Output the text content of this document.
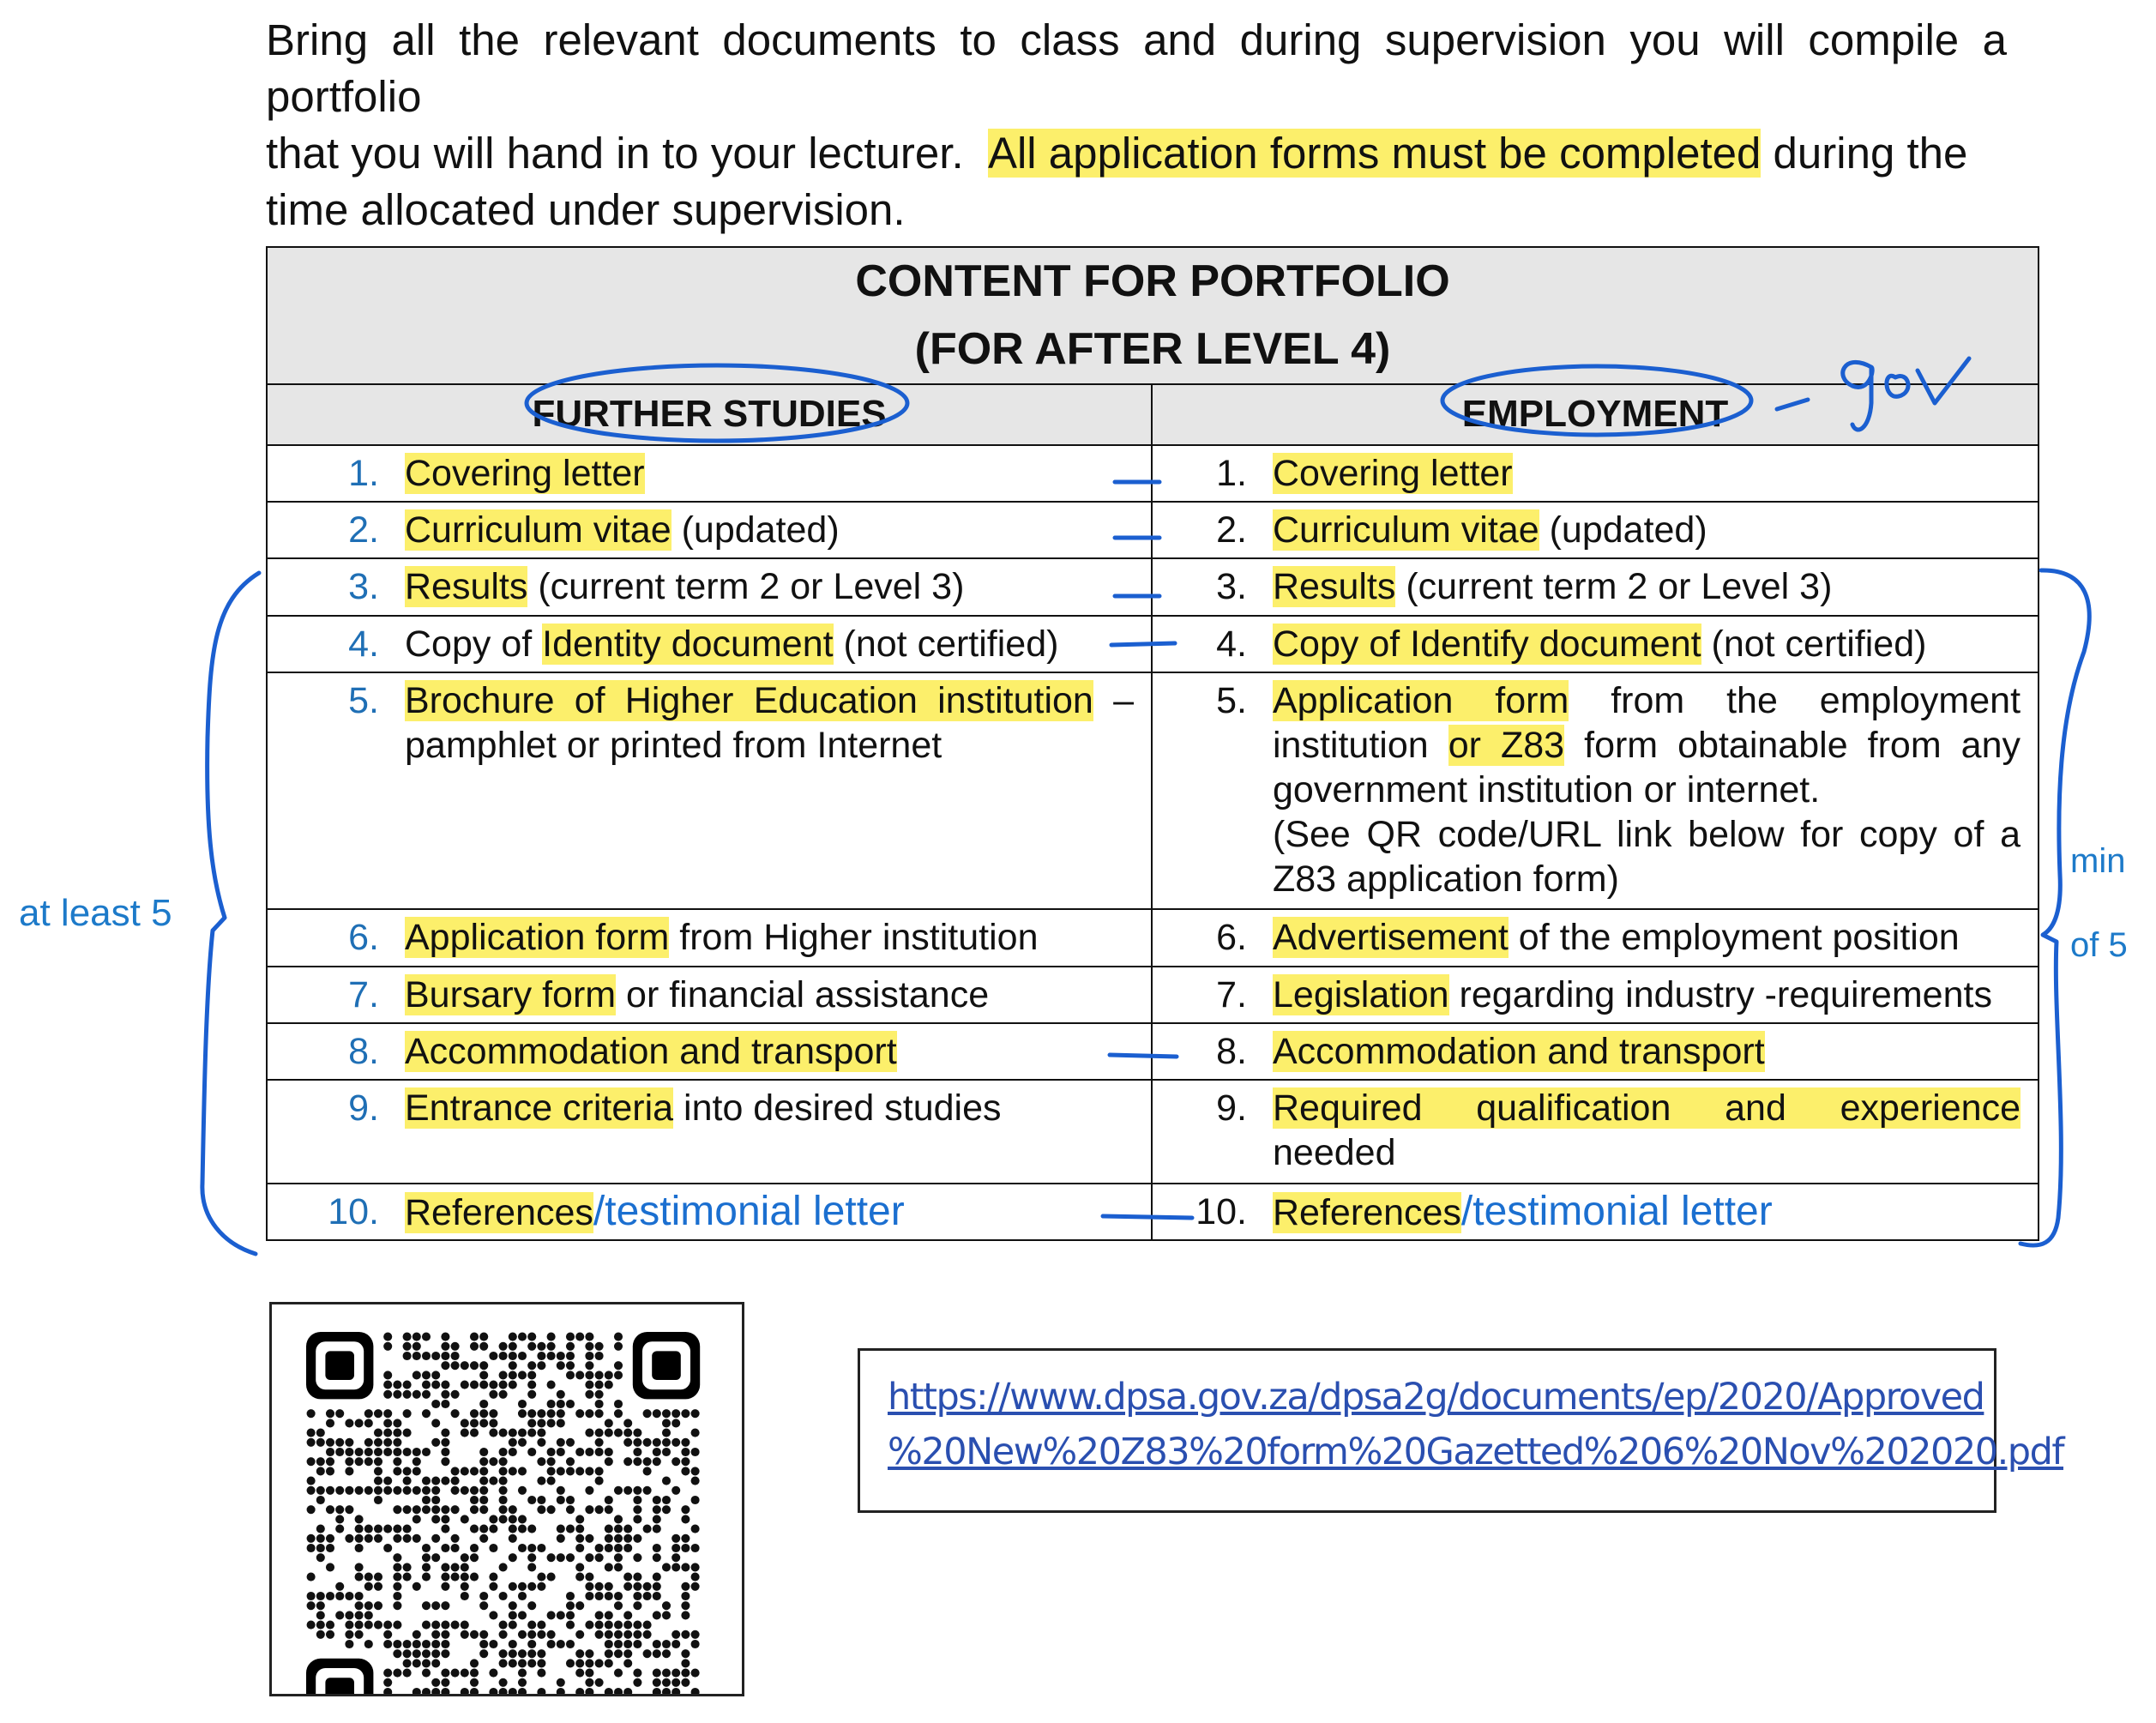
Bring all the relevant documents to class and during supervision you will compile a portfolio
that you will hand in to your lecturer. All application forms must be completed during the
time allocated under supervision.
CONTENT FOR PORTFOLIO
(FOR AFTER LEVEL 4)	

FURTHER STUDIES	EMPLOYMENT

1. Covering letter	1. Covering letter

2. Curriculum vitae (updated)	2. Curriculum vitae (updated)

3. Results (current term 2 or Level 3)	3. Results (current term 2 or Level 3)

4. Copy of Identity document (not certified)	4. Copy of Identify document (not certified)

5. Brochure of Higher Education institution – pamphlet or printed from Internet	5. Application form from the employment institution or Z83 form obtainable from any government institution or internet.
(See QR code/URL link below for copy of a Z83 application form)

6. Application form from Higher institution	6. Advertisement of the employment position

7. Bursary form or financial assistance	7. Legislation regarding industry -requirements

8. Accommodation and transport	8. Accommodation and transport

9. Entrance criteria into desired studies	9. Required qualification and experience needed

10. References/testimonial letter	10. References/testimonial letter
at least 5
min
of 5
https://www.dpsa.gov.za/dpsa2g/documents/ep/2020/Approved
%20New%20Z83%20form%20Gazetted%206%20Nov%202020.pdf
